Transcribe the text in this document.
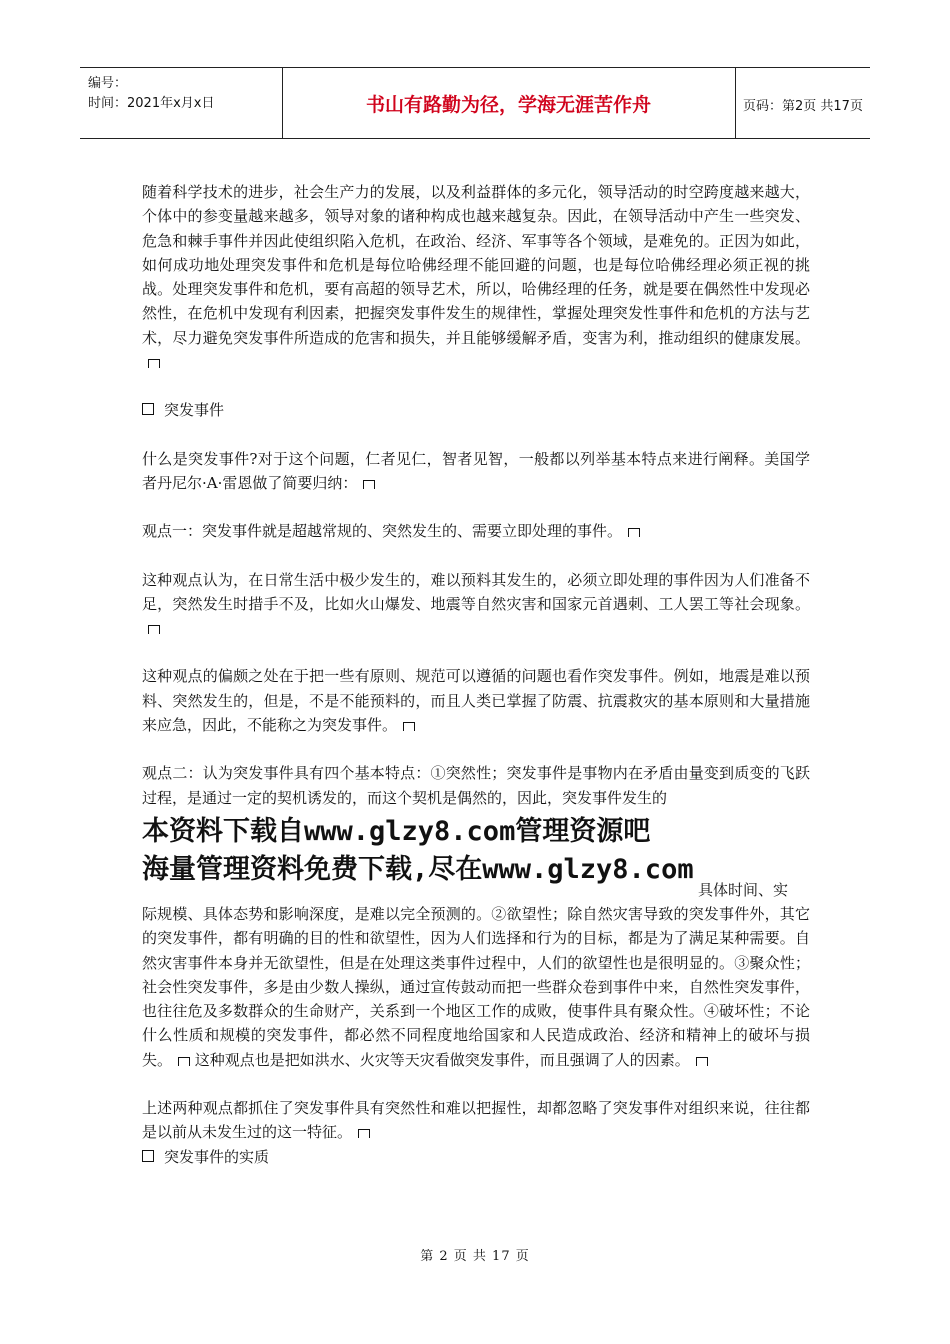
编号：
时间：2021年x月x日	书山有路勤为径，学海无涯苦作舟	页码：第2页 共17页

随着科学技术的进步，社会生产力的发展，以及利益群体的多元化，领导活动的时空跨度越来越大，个体中的参变量越来越多，领导对象的诸种构成也越来越复杂。因此，在领导活动中产生一些突发、危急和棘手事件并因此使组织陷入危机，在政治、经济、军事等各个领域，是难免的。正因为如此，如何成功地处理突发事件和危机是每位哈佛经理不能回避的问题，也是每位哈佛经理必须正视的挑战。处理突发事件和危机，要有高超的领导艺术，所以，哈佛经理的任务，就是要在偶然性中发现必然性，在危机中发现有利因素，把握突发事件发生的规律性，掌握处理突发性事件和危机的方法与艺术，尽力避免突发事件所造成的危害和损失，并且能够缓解矛盾，变害为利，推动组织的健康发展。

突发事件

什么是突发事件?对于这个问题，仁者见仁，智者见智，一般都以列举基本特点来进行阐释。美国学者丹尼尔·A·雷恩做了简要归纳：

观点一：突发事件就是超越常规的、突然发生的、需要立即处理的事件。

这种观点认为，在日常生活中极少发生的，难以预料其发生的，必须立即处理的事件因为人们准备不足，突然发生时措手不及，比如火山爆发、地震等自然灾害和国家元首遇刺、工人罢工等社会现象。

这种观点的偏颇之处在于把一些有原则、规范可以遵循的问题也看作突发事件。例如，地震是难以预料、突然发生的，但是，不是不能预料的，而且人类已掌握了防震、抗震救灾的基本原则和大量措施来应急，因此，不能称之为突发事件。

观点二：认为突发事件具有四个基本特点：①突然性；突发事件是事物内在矛盾由量变到质变的飞跃过程，是通过一定的契机诱发的，而这个契机是偶然的，因此，突发事件发生的

本资料下载自www.glzy8.com管理资源吧
海量管理资料免费下载,尽在www.glzy8.com
具体时间、实

际规模、具体态势和影响深度，是难以完全预测的。②欲望性；除自然灾害导致的突发事件外，其它的突发事件，都有明确的目的性和欲望性，因为人们选择和行为的目标，都是为了满足某种需要。自然灾害事件本身并无欲望性，但是在处理这类事件过程中，人们的欲望性也是很明显的。③聚众性；社会性突发事件，多是由少数人操纵，通过宣传鼓动而把一些群众卷到事件中来，自然性突发事件，也往往危及多数群众的生命财产，关系到一个地区工作的成败，使事件具有聚众性。④破坏性；不论什么性质和规模的突发事件，都必然不同程度地给国家和人民造成政治、经济和精神上的破坏与损失。 这种观点也是把如洪水、火灾等天灾看做突发事件，而且强调了人的因素。

上述两种观点都抓住了突发事件具有突然性和难以把握性，却都忽略了突发事件对组织来说，往往都是以前从未发生过的这一特征。

突发事件的实质

第 2 页 共 17 页
